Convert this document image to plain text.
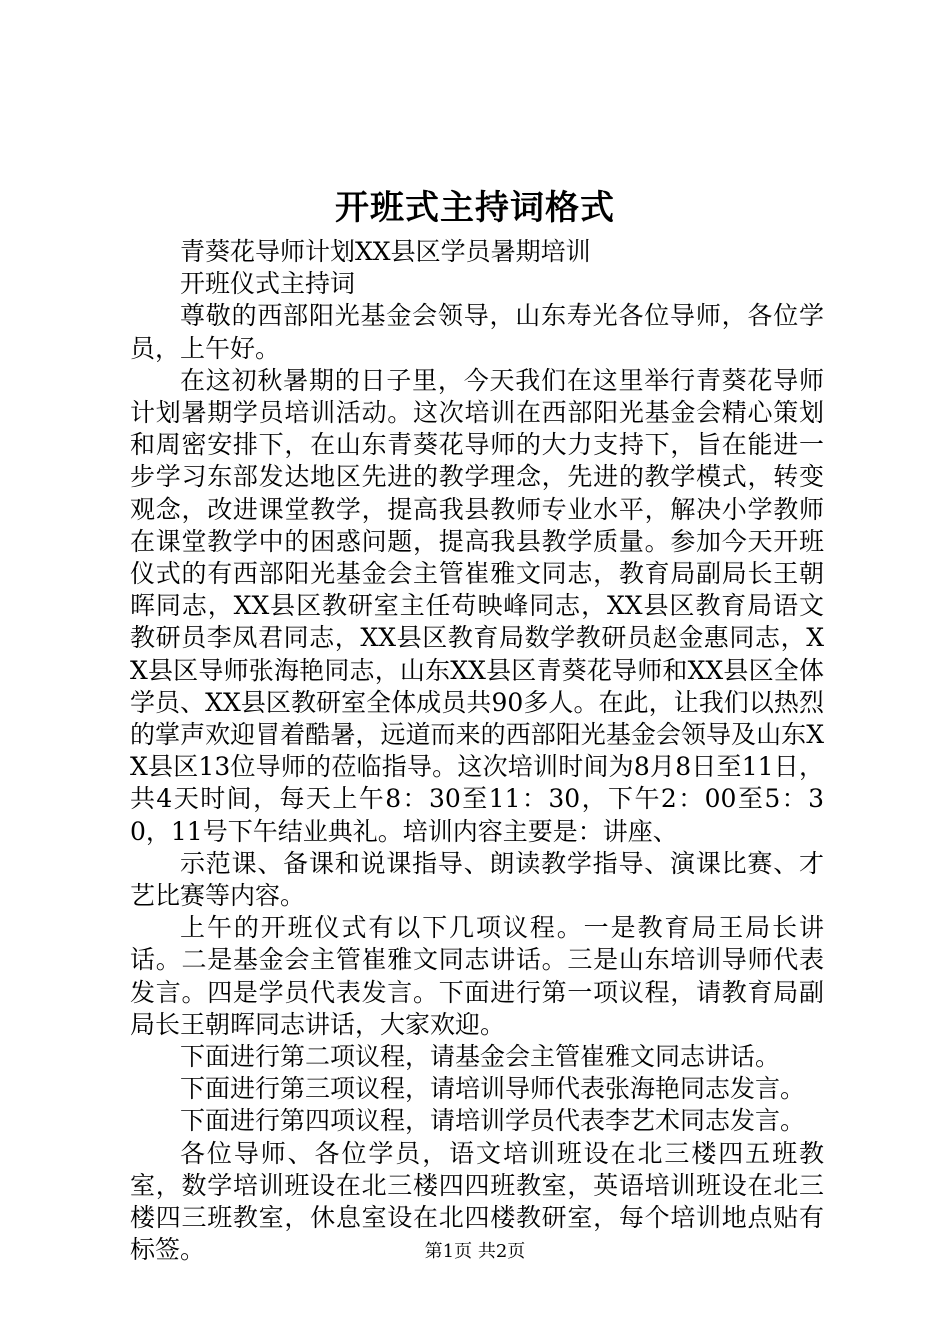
开班式主持词格式

青葵花导师计划XX县区学员暑期培训

开班仪式主持词

尊敬的西部阳光基金会领导，山东寿光各位导师，各位学员，上午好。

在这初秋暑期的日子里，今天我们在这里举行青葵花导师计划暑期学员培训活动。这次培训在西部阳光基金会精心策划和周密安排下，在山东青葵花导师的大力支持下，旨在能进一步学习东部发达地区先进的教学理念，先进的教学模式，转变观念，改进课堂教学，提高我县教师专业水平，解决小学教师在课堂教学中的困惑问题，提高我县教学质量。参加今天开班仪式的有西部阳光基金会主管崔雅文同志，教育局副局长王朝晖同志，XX县区教研室主任苟映峰同志，XX县区教育局语文教研员李凤君同志，XX县区教育局数学教研员赵金惠同志，XX县区导师张海艳同志，山东XX县区青葵花导师和XX县区全体学员、XX县区教研室全体成员共90多人。在此，让我们以热烈的掌声欢迎冒着酷暑，远道而来的西部阳光基金会领导及山东XX县区13位导师的莅临指导。这次培训时间为8月8日至11日，共4天时间，每天上午8：30至11：30，下午2：00至5：30，11号下午结业典礼。培训内容主要是：讲座、

示范课、备课和说课指导、朗读教学指导、演课比赛、才艺比赛等内容。

上午的开班仪式有以下几项议程。一是教育局王局长讲话。二是基金会主管崔雅文同志讲话。三是山东培训导师代表发言。四是学员代表发言。下面进行第一项议程，请教育局副局长王朝晖同志讲话，大家欢迎。

下面进行第二项议程，请基金会主管崔雅文同志讲话。

下面进行第三项议程，请培训导师代表张海艳同志发言。

下面进行第四项议程，请培训学员代表李艺术同志发言。

各位导师、各位学员，语文培训班设在北三楼四五班教室，数学培训班设在北三楼四四班教室，英语培训班设在北三楼四三班教室，休息室设在北四楼教研室，每个培训地点贴有标签。	第1页 共2页
